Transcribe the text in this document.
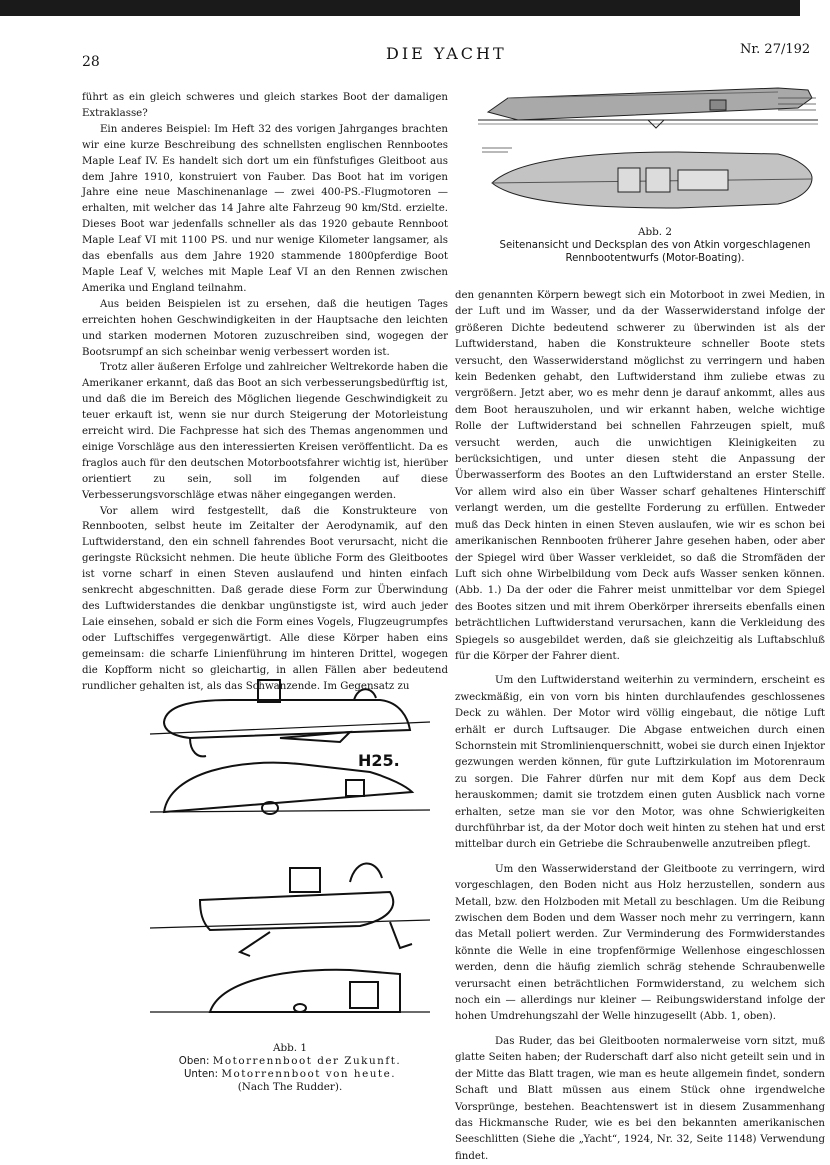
28	DIE YACHT	Nr. 27/192

führt as ein gleich schweres und gleich starkes Boot der damaligen Extraklasse?

Ein anderes Beispiel: Im Heft 32 des vorigen Jahrganges brachten wir eine kurze Beschreibung des schnellsten englischen Rennbootes Maple Leaf IV. Es handelt sich dort um ein fünfstufiges Gleitboot aus dem Jahre 1910, konstruiert von Fauber. Das Boot hat im vorigen Jahre eine neue Maschinenanlage — zwei 400-PS.-Flugmotoren — erhalten, mit welcher das 14 Jahre alte Fahrzeug 90 km/Std. erzielte. Dieses Boot war jedenfalls schneller als das 1920 gebaute Rennboot Maple Leaf VI mit 1100 PS. und nur wenige Kilometer langsamer, als das ebenfalls aus dem Jahre 1920 stammende 1800pferdige Boot Maple Leaf V, welches mit Maple Leaf VI an den Rennen zwischen Amerika und England teilnahm.

Aus beiden Beispielen ist zu ersehen, daß die heutigen Tages erreichten hohen Geschwindigkeiten in der Hauptsache den leichten und starken modernen Motoren zuzuschreiben sind, wogegen der Bootsrumpf an sich scheinbar wenig verbessert worden ist.

Trotz aller äußeren Erfolge und zahlreicher Weltrekorde haben die Amerikaner erkannt, daß das Boot an sich verbesserungsbedürftig ist, und daß die im Bereich des Möglichen liegende Geschwindigkeit zu teuer erkauft ist, wenn sie nur durch Steigerung der Motorleistung erreicht wird. Die Fachpresse hat sich des Themas angenommen und einige Vorschläge aus den interessierten Kreisen veröffentlicht. Da es fraglos auch für den deutschen Motorbootsfahrer wichtig ist, hierüber orientiert zu sein, soll im folgenden auf diese Verbesserungsvorschläge etwas näher eingegangen werden.

Vor allem wird festgestellt, daß die Konstrukteure von Rennbooten, selbst heute im Zeitalter der Aerodynamik, auf den Luftwiderstand, den ein schnell fahrendes Boot verursacht, nicht die geringste Rücksicht nehmen. Die heute übliche Form des Gleitbootes ist vorne scharf in einen Steven auslaufend und hinten einfach senkrecht abgeschnitten. Daß gerade diese Form zur Überwindung des Luftwiderstandes die denkbar ungünstigste ist, wird auch jeder Laie einsehen, sobald er sich die Form eines Vogels, Flugzeugrumpfes oder Luftschiffes vergegenwärtigt. Alle diese Körper haben eins gemeinsam: die scharfe Linienführung im hinteren Drittel, wogegen die Kopfform nicht so gleichartig, in allen Fällen aber bedeutend rundlicher gehalten ist, als das Schwanzende. Im Gegensatz zu

Abb. 2
Seitenansicht und Decksplan des von Atkin vorgeschlagenen
Rennbootentwurfs (Motor-Boating).

den genannten Körpern bewegt sich ein Motorboot in zwei Medien, in der Luft und im Wasser, und da der Wasserwiderstand infolge der größeren Dichte bedeutend schwerer zu überwinden ist als der Luftwiderstand, haben die Konstrukteure schneller Boote stets versucht, den Wasserwiderstand möglichst zu verringern und haben kein Bedenken gehabt, den Luftwiderstand ihm zuliebe etwas zu vergrößern. Jetzt aber, wo es mehr denn je darauf ankommt, alles aus dem Boot herauszuholen, und wir erkannt haben, welche wichtige Rolle der Luftwiderstand bei schnellen Fahrzeugen spielt, muß versucht werden, auch die unwichtigen Kleinigkeiten zu berücksichtigen, und unter diesen steht die Anpassung der Überwasserform des Bootes an den Luftwiderstand an erster Stelle. Vor allem wird also ein über Wasser scharf gehaltenes Hinterschiff verlangt werden, um die gestellte Forderung zu erfüllen. Entweder muß das Deck hinten in einen Steven auslaufen, wie wir es schon bei amerikanischen Rennbooten früherer Jahre gesehen haben, oder aber der Spiegel wird über Wasser verkleidet, so daß die Stromfäden der Luft sich ohne Wirbelbildung vom Deck aufs Wasser senken können. (Abb. 1.) Da der oder die Fahrer meist unmittelbar vor dem Spiegel des Bootes sitzen und mit ihrem Oberkörper ihrerseits ebenfalls einen beträchtlichen Luftwiderstand verursachen, kann die Verkleidung des Spiegels so ausgebildet werden, daß sie gleichzeitig als Luftabschluß für die Körper der Fahrer dient.

Um den Luftwiderstand weiterhin zu vermindern, erscheint es zweckmäßig, ein von vorn bis hinten durchlaufendes geschlossenes Deck zu wählen. Der Motor wird völlig eingebaut, die nötige Luft erhält er durch Luftsauger. Die Abgase entweichen durch einen Schornstein mit Stromlinienquerschnitt, wobei sie durch einen Injektor gezwungen werden können, für gute Luftzirkulation im Motorenraum zu sorgen. Die Fahrer dürfen nur mit dem Kopf aus dem Deck herauskommen; damit sie trotzdem einen guten Ausblick nach vorne erhalten, setze man sie vor den Motor, was ohne Schwierigkeiten durchführbar ist, da der Motor doch weit hinten zu stehen hat und erst mittelbar durch ein Getriebe die Schraubenwelle anzutreiben pflegt.

Um den Wasserwiderstand der Gleitboote zu verringern, wird vorgeschlagen, den Boden nicht aus Holz herzustellen, sondern aus Metall, bzw. den Holzboden mit Metall zu beschlagen. Um die Reibung zwischen dem Boden und dem Wasser noch mehr zu verringern, kann das Metall poliert werden. Zur Verminderung des Formwiderstandes könnte die Welle in eine tropfenförmige Wellenhose eingeschlossen werden, denn die häufig ziemlich schräg stehende Schraubenwelle verursacht einen beträchtlichen Formwiderstand, zu welchem sich noch ein — allerdings nur kleiner — Reibungswiderstand infolge der hohen Umdrehungszahl der Welle hinzugesellt (Abb. 1, oben).

Das Ruder, das bei Gleitbooten normalerweise vorn sitzt, muß glatte Seiten haben; der Ruderschaft darf also nicht geteilt sein und in der Mitte das Blatt tragen, wie man es heute allgemein findet, sondern Schaft und Blatt müssen aus einem Stück ohne irgendwelche Vorsprünge, bestehen. Beachtenswert ist in diesem Zusammenhang das Hickmansche Ruder, wie es bei den bekannten amerikanischen Seeschlitten (Siehe die „Yacht“, 1924, Nr. 32, Seite 1148) Verwendung findet.

H25.
Abb. 1
Oben: Motorrennboot der Zukunft.
Unten: Motorrennboot von heute.
(Nach The Rudder).
